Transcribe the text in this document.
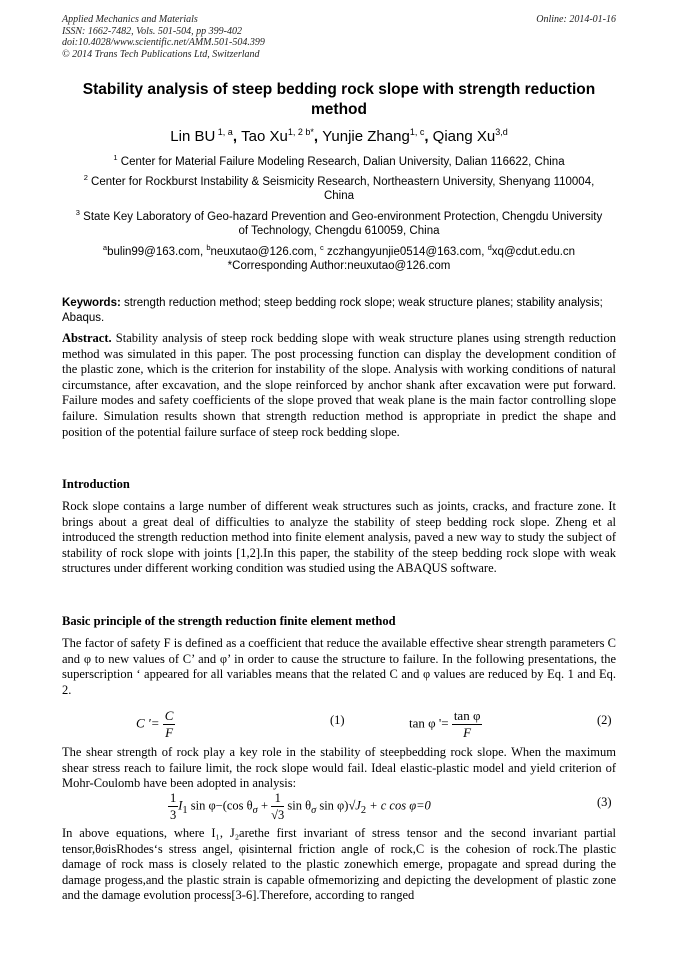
Applied Mechanics and Materials
ISSN: 1662-7482, Vols. 501-504, pp 399-402
doi:10.4028/www.scientific.net/AMM.501-504.399
© 2014 Trans Tech Publications Ltd, Switzerland
Online: 2014-01-16
Stability analysis of steep bedding rock slope with strength reduction method
Lin BU $^{1, a}$, Tao $Xu^{1, 2 b*}$, Yunjie Zhang$^{1, c}$, Qiang Xu$^{3,d}$
$^1$ Center for Material Failure Modeling Research, Dalian University, Dalian 116622, China
$^2$ Center for Rockburst Instability & Seismicity Research, Northeastern University, Shenyang 110004, China
$^3$ State Key Laboratory of Geo-hazard Prevention and Geo-environment Protection, Chengdu University of Technology, Chengdu 610059, China
$^a$bulin99@163.com, $^b$neuxutao@126.com, $^c$ zczhangyunjie0514@163.com, $^d$xq@cdut.edu.cn
*Corresponding Author:neuxutao@126.com
Keywords: strength reduction method; steep bedding rock slope; weak structure planes; stability analysis; Abaqus.
Abstract. Stability analysis of steep rock bedding slope with weak structure planes using strength reduction method was simulated in this paper. The post processing function can display the development condition of the plastic zone, which is the criterion for instability of the slope. Analysis with working conditions of natural circumstance, after excavation, and the slope reinforced by anchor shank after excavation were put forward. Failure modes and safety coefficients of the slope proved that weak plane is the main factor controlling slope failure. Simulation results shown that strength reduction method is appropriate in predict the shape and position of the potential failure surface of steep rock bedding slope.
Introduction
Rock slope contains a large number of different weak structures such as joints, cracks, and fracture zone. It brings about a great deal of difficulties to analyze the stability of steep bedding rock slope. Zheng et al introduced the strength reduction method into finite element analysis, paved a new way to study the subject of stability of rock slope with joints [1,2].In this paper, the stability of the steep bedding rock slope with weak structures under different working condition was studied using the ABAQUS software.
Basic principle of the strength reduction finite element method
The factor of safety F is defined as a coefficient that reduce the available effective shear strength parameters C and φ to new values of C’ and φ’ in order to cause the structure to failure. In the following presentations, the superscription ‘ appeared for all variables means that the related C and φ values are reduced by Eq. 1 and Eq. 2.
C '= $\frac{C}{F}$	(1)	tan φ '= $\frac{\text{tan φ}}{F}$	(2)
The shear strength of rock play a key role in the stability of steepbedding rock slope. When the maximum shear stress reach to failure limit, the rock slope would fail. Ideal elastic-plastic model and yield criterion of Mohr-Coulomb have been adopted in analysis:
$\frac{1}{3} I_1$ sin φ−(cos $\theta_\sigma + \frac{1}{√3}$ $\sin \theta_\sigma$ $\sin \varphi)√J_2 + c$ cos φ=0	(3)
In above equations, where I₁, J₂arethe first invariant of stress tensor and the second invariant partial tensor,θσisRhodes‘s stress angel, φisinternal friction angle of rock,C is the cohesion of rock.The plastic damage of rock mass is closely related to the plastic zonewhich emerge, propagate and spread during the damage progess,and the plastic strain is capable ofmemorizing and depicting the development of plastic zone and the damage evolution process[3-6].Therefore, according to ranged
